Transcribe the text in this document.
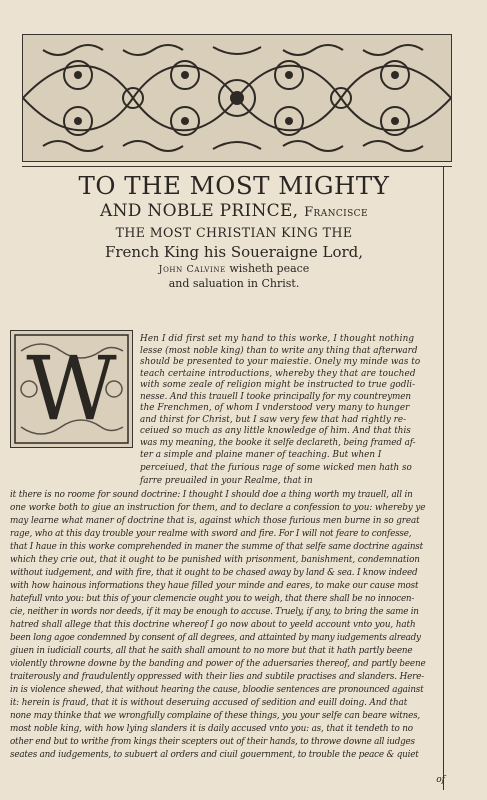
TO THE MOST MIGHTY
AND NOBLE PRINCE, Francisce
THE MOST CHRISTIAN KING THE
French King his Soueraigne Lord,
John Calvine wisheth peace
and saluation in Christ.
W	Hen I did first set my hand to this worke, I thought nothing
lesse (most noble king) than to write any thing that afterward
should be presented to your maiestie. Onely my minde was to
teach certaine introductions, whereby they that are touched
with some zeale of religion might be instructed to true godli-
nesse. And this trauell I tooke principally for my countreymen
the Frenchmen, of whom I vnderstood very many to hunger
and thirst for Christ, but I saw very few that had rightly re-
ceiued so much as any little knowledge of him. And that this
was my meaning, the booke it selfe declareth, being framed af-
ter a simple and plaine maner of teaching. But when I perceiued, that the furious rage of some wicked men hath so farre preuailed in your Realme, that in
it there is no roome for sound doctrine: I thought I should doe a thing worth my trauell, all in
one worke both to giue an instruction for them, and to declare a confession to you: whereby ye
may learne what maner of doctrine that is, against which those furious men burne in so great
rage, who at this day trouble your realme with sword and fire. For I will not feare to confesse,
that I haue in this worke comprehended in maner the summe of that selfe same doctrine against
which they crie out, that it ought to be punished with prisonment, banishment, condemnation
without iudgement, and with fire, that it ought to be chased away by land & sea. I know indeed
with how hainous informations they haue filled your minde and eares, to make our cause most
hatefull vnto you: but this of your clemencie ought you to weigh, that there shall be no innocen-
cie, neither in words nor deeds, if it may be enough to accuse. Truely, if any, to bring the same in
hatred shall allege that this doctrine whereof I go now about to yeeld account vnto you, hath
been long agoe condemned by consent of all degrees, and attainted by many iudgements already
giuen in iudiciall courts, all that he saith shall amount to no more but that it hath partly beene
violently throwne downe by the banding and power of the aduersaries thereof, and partly beene
traiterously and fraudulently oppressed with their lies and subtile practises and slanders. Here-
in is violence shewed, that without hearing the cause, bloodie sentences are pronounced against
it: herein is fraud, that it is without deseruing accused of sedition and euill doing. And that
none may thinke that we wrongfully complaine of these things, you your selfe can beare witnes,
most noble king, with how lying slanders it is daily accused vnto you: as, that it tendeth to no
other end but to writhe from kings their scepters out of their hands, to throwe downe all iudges
seates and iudgements, to subuert al orders and ciuil gouernment, to trouble the peace & quiet
of
